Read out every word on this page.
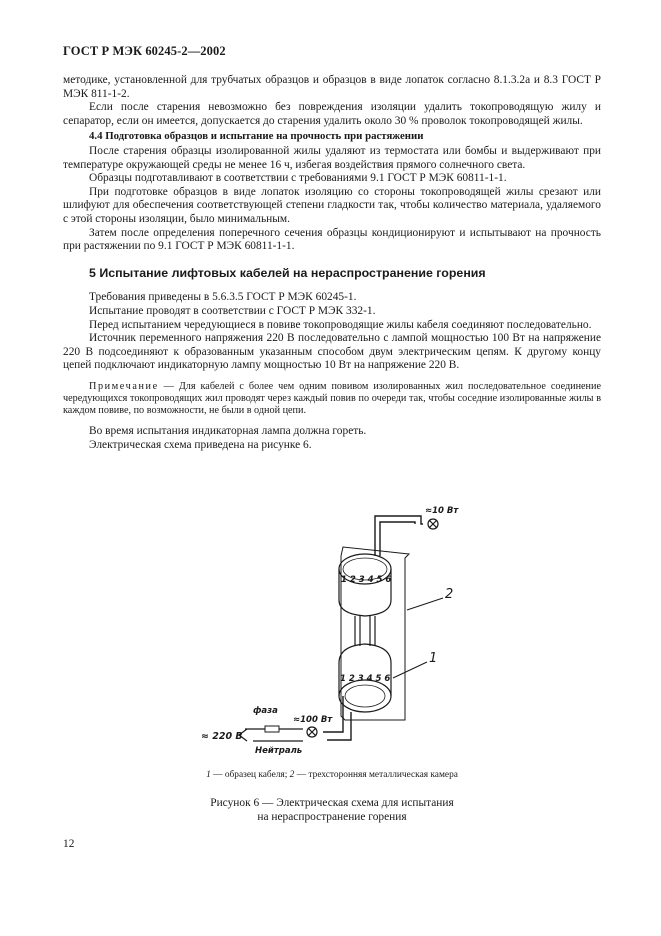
ГОСТ Р МЭК 60245-2—2002

методике, установленной для трубчатых образцов и образцов в виде лопаток согласно 8.1.3.2а и 8.3 ГОСТ Р МЭК 811-1-2.

Если после старения невозможно без повреждения изоляции удалить токопроводящую жилу и сепаратор, если он имеется, допускается до старения удалить около 30 % проволок токопроводящей жилы.

4.4 Подготовка образцов и испытание на прочность при растяжении

После старения образцы изолированной жилы удаляют из термостата или бомбы и выдерживают при температуре окружающей среды не менее 16 ч, избегая воздействия прямого солнечного света.

Образцы подготавливают в соответствии с требованиями 9.1 ГОСТ Р МЭК 60811-1-1.

При подготовке образцов в виде лопаток изоляцию со стороны токопроводящей жилы срезают или шлифуют для обеспечения соответствующей степени гладкости так, чтобы количество материала, удаляемого с этой стороны изоляции, было минимальным.

Затем после определения поперечного сечения образцы кондиционируют и испытывают на прочность при растяжении по 9.1 ГОСТ Р МЭК 60811-1-1.

5 Испытание лифтовых кабелей на нераспространение горения

Требования приведены в 5.6.3.5 ГОСТ Р МЭК 60245-1.

Испытание проводят в соответствии с ГОСТ Р МЭК 332-1.

Перед испытанием чередующиеся в повиве токопроводящие жилы кабеля соединяют последовательно.

Источник переменного напряжения 220 В последовательно с лампой мощностью 100 Вт на напряжение 220 В подсоединяют к образованным указанным способом двум электрическим цепям. К другому концу цепей подключают индикаторную лампу мощностью 10 Вт на напряжение 220 В.

Примечание — Для кабелей с более чем одним повивом изолированных жил последовательное соединение чередующихся токопроводящих жил проводят через каждый повив по очереди так, чтобы соседние изолированные жилы в каждом повиве, по возможности, не были в одной цепи.

Во время испытания индикаторная лампа должна гореть.

Электрическая схема приведена на рисунке 6.

≈10 Вт
≈100 Вт
≈ 220 В
фаза
Нейтраль
1 2 3 4 5 6
1 2 3 4 5 6
2
1
1 — образец кабеля; 2 — трехсторонняя металлическая камера
Рисунок 6 — Электрическая схема для испытания
на нераспространение горения
12
